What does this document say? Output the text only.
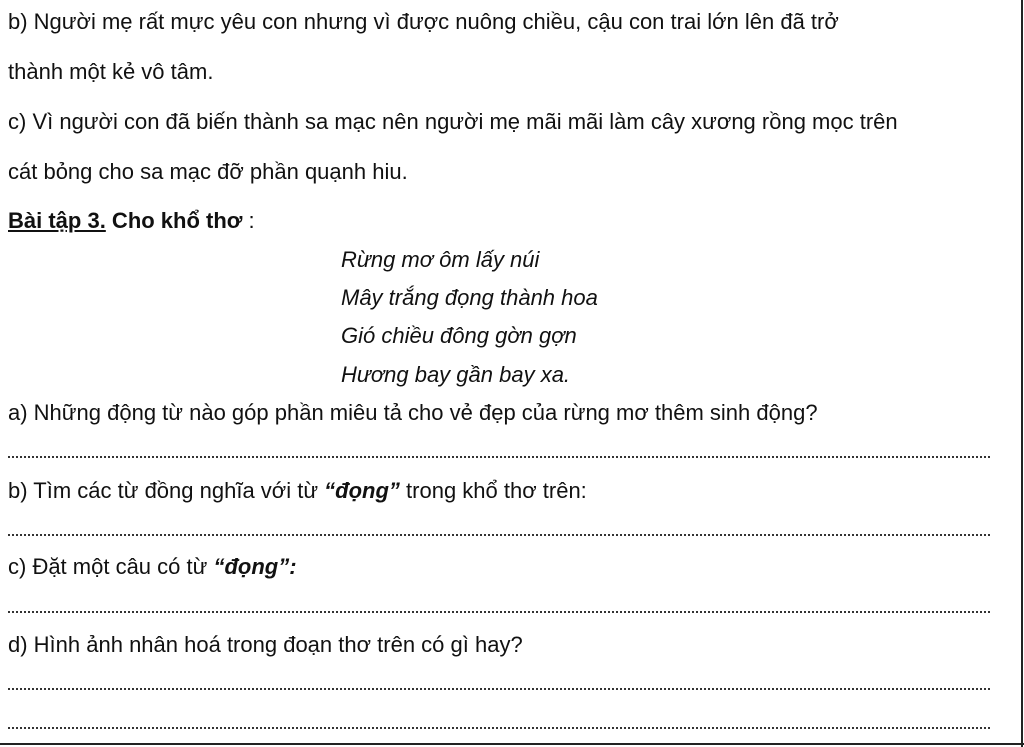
b) Người mẹ rất mực yêu con nhưng vì được nuông chiều, cậu con trai lớn lên đã trở
thành một kẻ vô tâm.
c) Vì người con đã biến thành sa mạc nên người mẹ mãi mãi làm cây xương rồng mọc trên
cát bỏng cho sa mạc đỡ phần quạnh hiu.
Bài tập 3. Cho khổ thơ :
Rừng mơ ôm lấy núi
Mây trắng đọng thành hoa
Gió chiều đông gờn gợn
Hương bay gần bay xa.
a) Những động từ nào góp phần miêu tả cho vẻ đẹp của rừng mơ thêm sinh động?
b) Tìm các từ đồng nghĩa với từ “đọng” trong khổ thơ trên:
c) Đặt một câu có từ “đọng”:
d) Hình ảnh nhân hoá trong đoạn thơ trên có gì hay?
